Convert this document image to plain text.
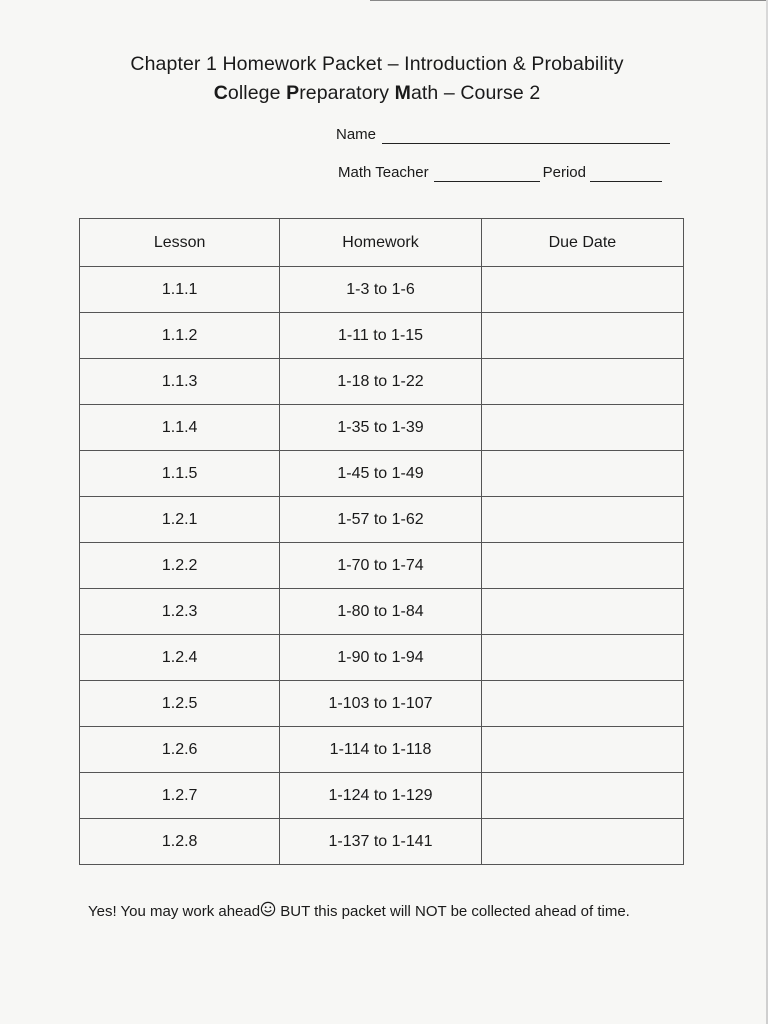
Chapter 1 Homework Packet – Introduction & Probability
College Preparatory Math – Course 2
Name
Math Teacher	Period
Lesson	Homework	Due Date
1.1.1	1-3 to 1-6	
1.1.2	1-11 to 1-15	
1.1.3	1-18 to 1-22	
1.1.4	1-35 to 1-39	
1.1.5	1-45 to 1-49	
1.2.1	1-57 to 1-62	
1.2.2	1-70 to 1-74	
1.2.3	1-80 to 1-84	
1.2.4	1-90 to 1-94	
1.2.5	1-103 to 1-107	
1.2.6	1-114 to 1-118	
1.2.7	1-124 to 1-129	
1.2.8	1-137 to 1-141	
Yes! You may work ahead BUT this packet will NOT be collected ahead of time.
